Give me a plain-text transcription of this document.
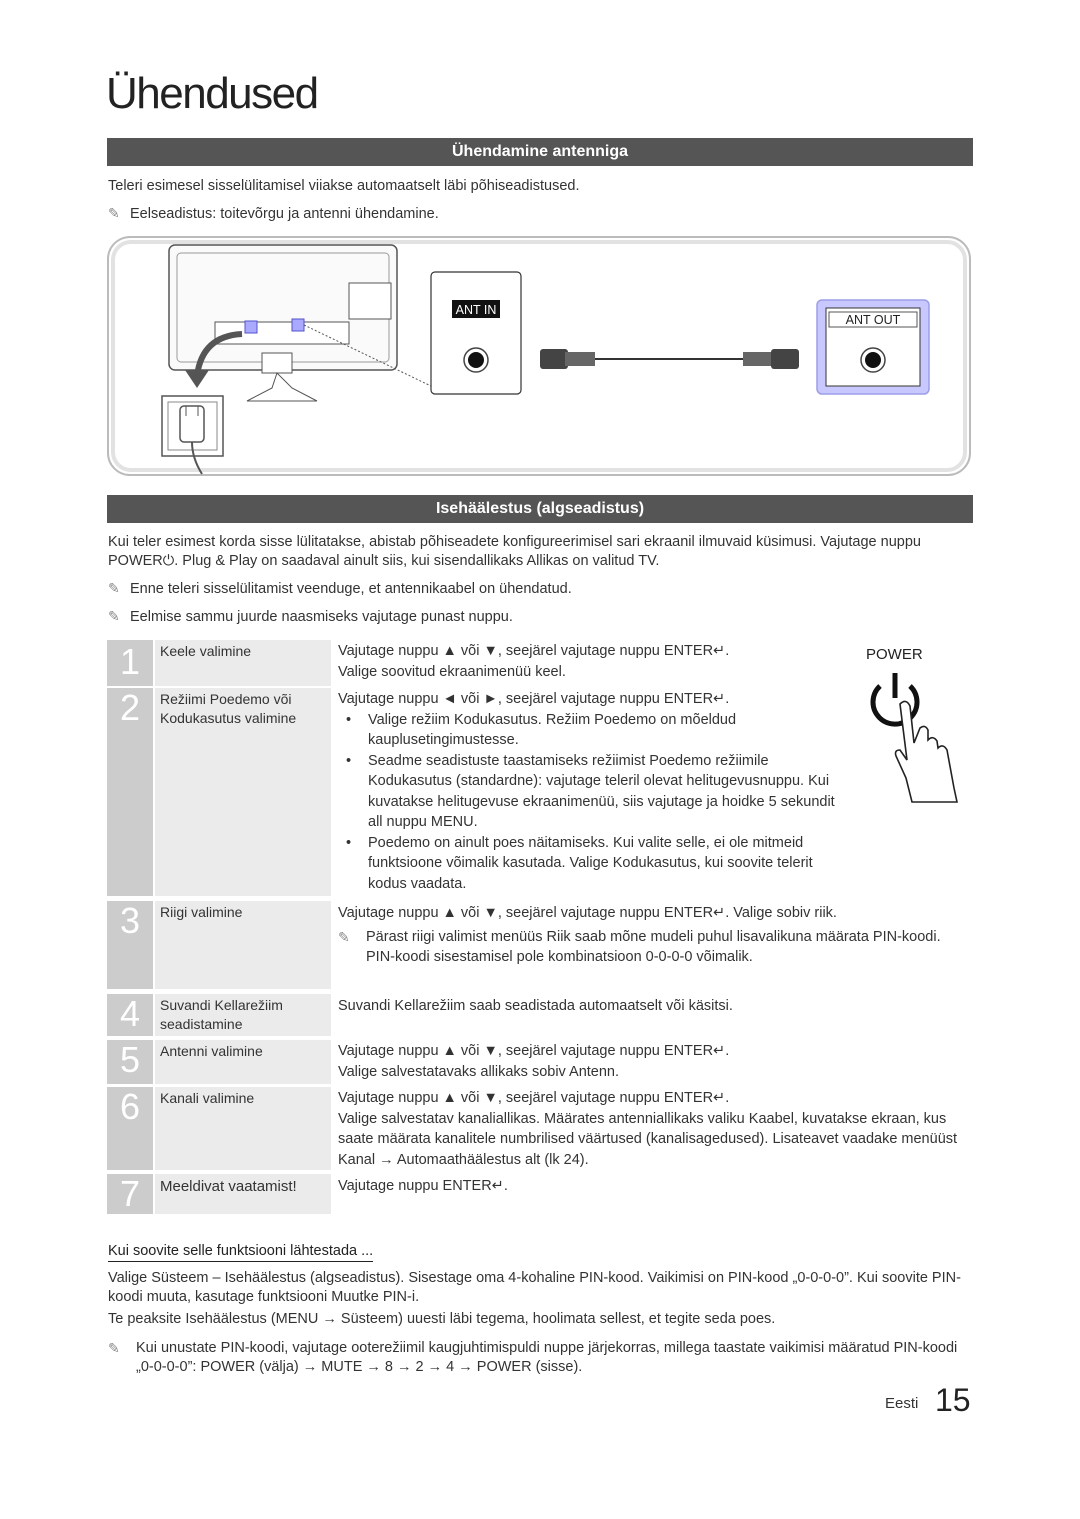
Ühendused
Ühendamine antenniga
Teleri esimesel sisselülitamisel viiakse automaatselt läbi põhiseadistused.
✎ Eelseadistus: toitevõrgu ja antenni ühendamine.
ANT IN
ANT OUT
Isehäälestus (algseadistus)
Kui teler esimest korda sisse lülitatakse, abistab põhiseadete konfigureerimisel sari ekraanil ilmuvaid küsimusi. Vajutage nuppu
POWER⏻. Plug & Play on saadaval ainult siis, kui sisendallikaks Allikas on valitud TV.
✎ Enne teleri sisselülitamist veenduge, et antennikaabel on ühendatud.
✎ Eelmise sammu juurde naasmiseks vajutage punast nuppu.
POWER
1	Keele valimine	Vajutage nuppu ▲ või ▼, seejärel vajutage nuppu ENTER↵.
Valige soovitud ekraanimenüü keel.
2	Režiimi Poedemo või Kodukasutus valimine
Vajutage nuppu ◄ või ►, seejärel vajutage nuppu ENTER↵.
• Valige režiim Kodukasutus. Režiim Poedemo on mõeldud kauplusetingimustesse.
• Seadme seadistuste taastamiseks režiimist Poedemo režiimile Kodukasutus (standardne): vajutage teleril olevat helitugevusnuppu. Kui kuvatakse helitugevuse ekraanimenüü, siis vajutage ja hoidke 5 sekundit all nuppu MENU.
• Poedemo on ainult poes näitamiseks. Kui valite selle, ei ole mitmeid funktsioone võimalik kasutada. Valige Kodukasutus, kui soovite telerit kodus vaadata.
3	Riigi valimine	Vajutage nuppu ▲ või ▼, seejärel vajutage nuppu ENTER↵. Valige sobiv riik.
✎	Pärast riigi valimist menüüs Riik saab mõne mudeli puhul lisavalikuna määrata PIN-koodi. PIN-koodi sisestamisel pole kombinatsioon 0-0-0-0 võimalik.
4	Suvandi Kellarežiim seadistamine
Suvandi Kellarežiim saab seadistada automaatselt või käsitsi.
5	Antenni valimine	Vajutage nuppu ▲ või ▼, seejärel vajutage nuppu ENTER↵.
Valige salvestatavaks allikaks sobiv Antenn.
6	Kanali valimine	Vajutage nuppu ▲ või ▼, seejärel vajutage nuppu ENTER↵.
Valige salvestatav kanaliallikas. Määrates antenniallikaks valiku Kaabel, kuvatakse ekraan, kus saate määrata kanalitele numbrilised väärtused (kanalisagedused). Lisateavet vaadake menüüst Kanal → Automaathäälestus alt (lk 24).
7	Meeldivat vaatamist!	Vajutage nuppu ENTER↵.
Kui soovite selle funktsiooni lähtestada ...
Valige Süsteem – Isehäälestus (algseadistus). Sisestage oma 4-kohaline PIN-kood. Vaikimisi on PIN-kood „0-0-0-0”. Kui soovite PIN-koodi muuta, kasutage funktsiooni Muutke PIN-i.
Te peaksite Isehäälestus (MENU → Süsteem) uuesti läbi tegema, hoolimata sellest, et tegite seda poes.
✎	Kui unustate PIN-koodi, vajutage ooterežiimil kaugjuhtimispuldi nuppe järjekorras, millega taastate vaikimisi määratud PIN-koodi „0-0-0-0”: POWER (välja) → MUTE → 8 → 2 → 4 → POWER (sisse).
Eesti 15
